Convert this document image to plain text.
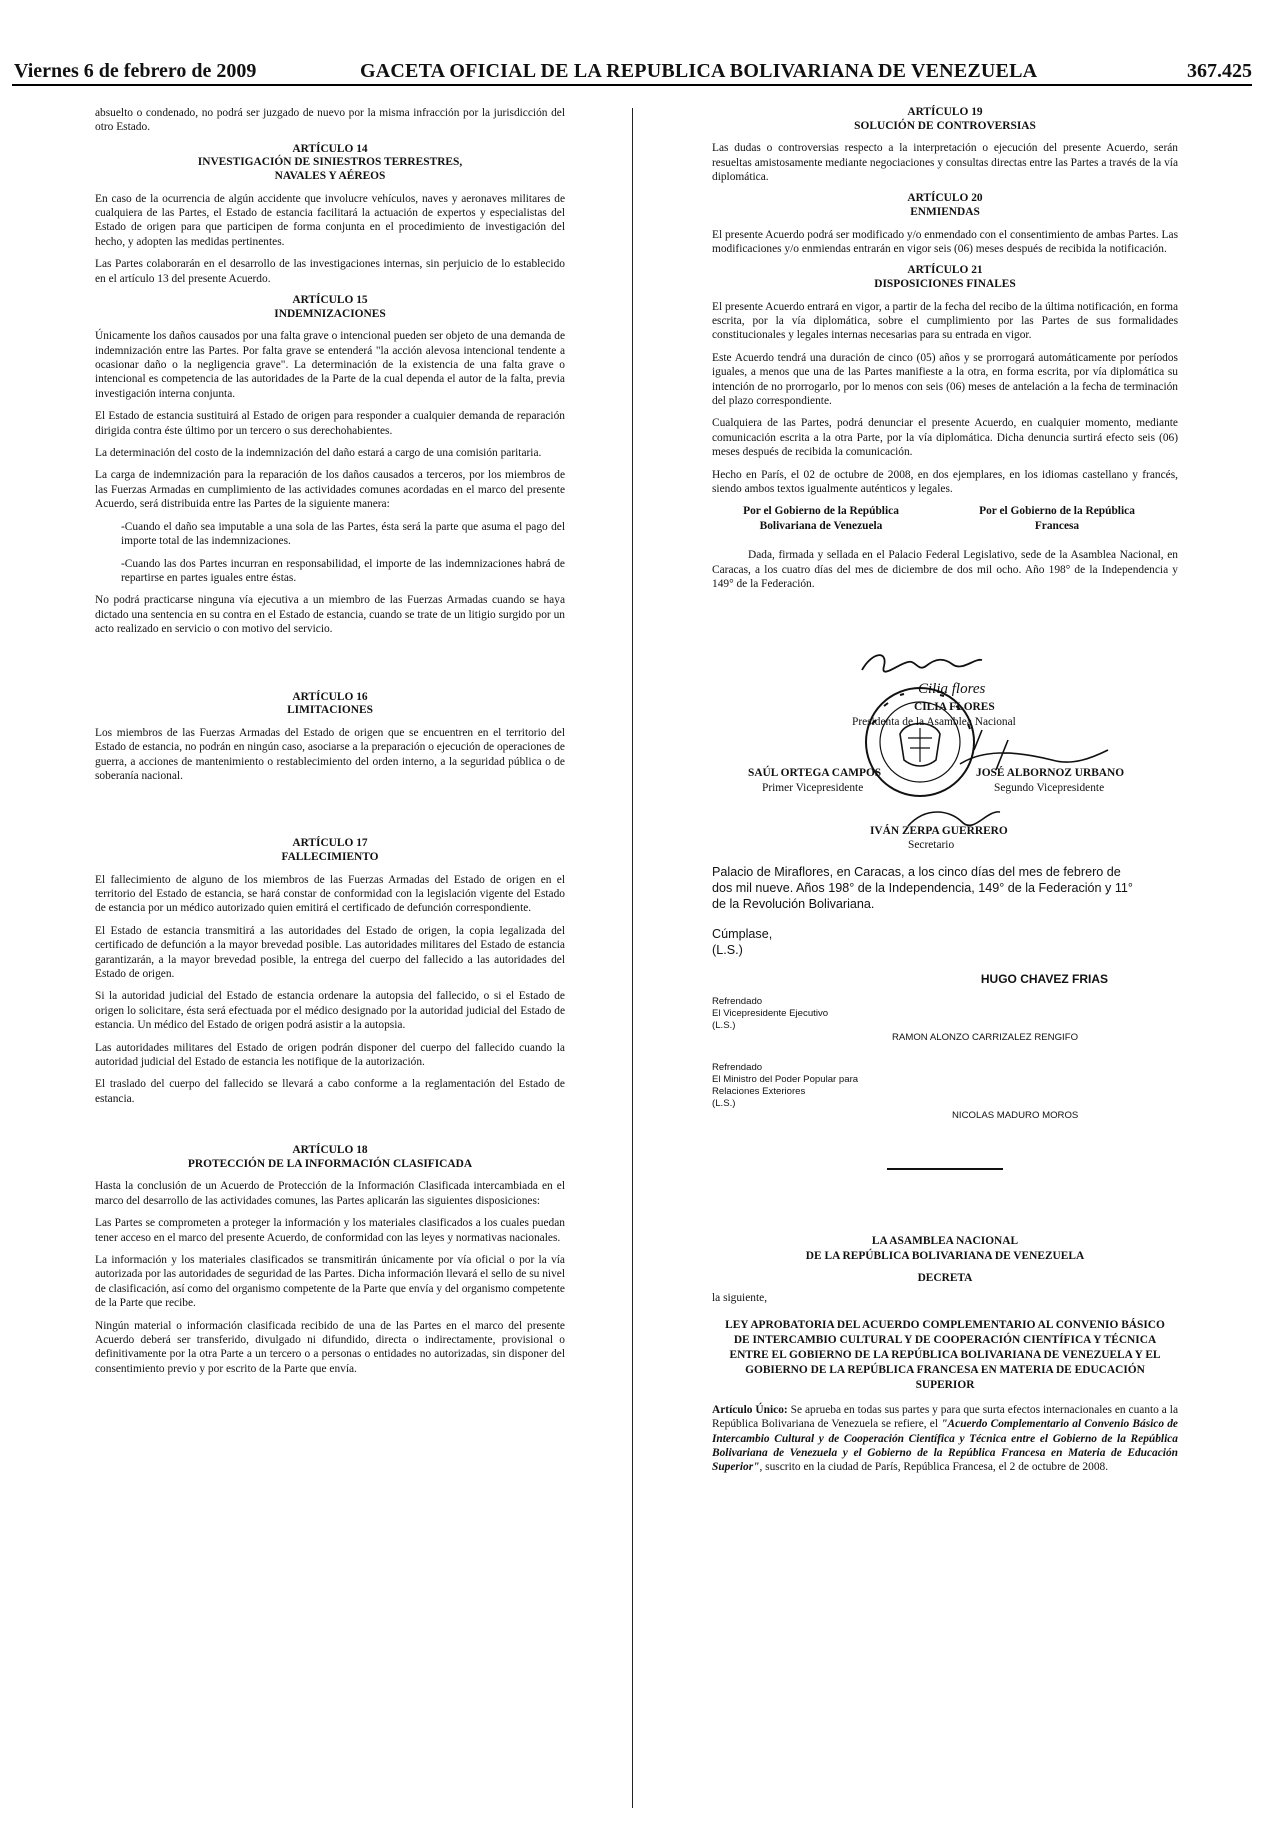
Viernes 6 de febrero de 2009	GACETA OFICIAL DE LA REPUBLICA BOLIVARIANA DE VENEZUELA	367.425

absuelto o condenado, no podrá ser juzgado de nuevo por la misma infracción por la jurisdicción del otro Estado.

ARTÍCULO 14
INVESTIGACIÓN DE SINIESTROS TERRESTRES,
NAVALES Y AÉREOS

En caso de la ocurrencia de algún accidente que involucre vehículos, naves y aeronaves militares de cualquiera de las Partes, el Estado de estancia facilitará la actuación de expertos y especialistas del Estado de origen para que participen de forma conjunta en el procedimiento de investigación del hecho, y adopten las medidas pertinentes.

Las Partes colaborarán en el desarrollo de las investigaciones internas, sin perjuicio de lo establecido en el artículo 13 del presente Acuerdo.

ARTÍCULO 15
INDEMNIZACIONES

Únicamente los daños causados por una falta grave o intencional pueden ser objeto de una demanda de indemnización entre las Partes. Por falta grave se entenderá "la acción alevosa intencional tendente a ocasionar daño o la negligencia grave". La determinación de la existencia de una falta grave o intencional es competencia de las autoridades de la Parte de la cual dependa el autor de la falta, previa investigación interna conjunta.

El Estado de estancia sustituirá al Estado de origen para responder a cualquier demanda de reparación dirigida contra éste último por un tercero o sus derechohabientes.

La determinación del costo de la indemnización del daño estará a cargo de una comisión paritaria.

La carga de indemnización para la reparación de los daños causados a terceros, por los miembros de las Fuerzas Armadas en cumplimiento de las actividades comunes acordadas en el marco del presente Acuerdo, será distribuida entre las Partes de la siguiente manera:

-Cuando el daño sea imputable a una sola de las Partes, ésta será la parte que asuma el pago del importe total de las indemnizaciones.

-Cuando las dos Partes incurran en responsabilidad, el importe de las indemnizaciones habrá de repartirse en partes iguales entre éstas.

No podrá practicarse ninguna vía ejecutiva a un miembro de las Fuerzas Armadas cuando se haya dictado una sentencia en su contra en el Estado de estancia, cuando se trate de un litigio surgido por un acto realizado en servicio o con motivo del servicio.

ARTÍCULO 16
LIMITACIONES

Los miembros de las Fuerzas Armadas del Estado de origen que se encuentren en el territorio del Estado de estancia, no podrán en ningún caso, asociarse a la preparación o ejecución de operaciones de guerra, a acciones de mantenimiento o restablecimiento del orden interno, a la seguridad pública o de soberanía nacional.

ARTÍCULO 17
FALLECIMIENTO

El fallecimiento de alguno de los miembros de las Fuerzas Armadas del Estado de origen en el territorio del Estado de estancia, se hará constar de conformidad con la legislación vigente del Estado de estancia por un médico autorizado quien emitirá el certificado de defunción correspondiente.

El Estado de estancia transmitirá a las autoridades del Estado de origen, la copia legalizada del certificado de defunción a la mayor brevedad posible. Las autoridades militares del Estado de estancia garantizarán, a la mayor brevedad posible, la entrega del cuerpo del fallecido a las autoridades del Estado de origen.

Si la autoridad judicial del Estado de estancia ordenare la autopsia del fallecido, o si el Estado de origen lo solicitare, ésta será efectuada por el médico designado por la autoridad judicial del Estado de estancia. Un médico del Estado de origen podrá asistir a la autopsia.

Las autoridades militares del Estado de origen podrán disponer del cuerpo del fallecido cuando la autoridad judicial del Estado de estancia les notifique de la autorización.

El traslado del cuerpo del fallecido se llevará a cabo conforme a la reglamentación del Estado de estancia.

ARTÍCULO 18
PROTECCIÓN DE LA INFORMACIÓN CLASIFICADA

Hasta la conclusión de un Acuerdo de Protección de la Información Clasificada intercambiada en el marco del desarrollo de las actividades comunes, las Partes aplicarán las siguientes disposiciones:

Las Partes se comprometen a proteger la información y los materiales clasificados a los cuales puedan tener acceso en el marco del presente Acuerdo, de conformidad con las leyes y normativas nacionales.

La información y los materiales clasificados se transmitirán únicamente por vía oficial o por la vía autorizada por las autoridades de seguridad de las Partes. Dicha información llevará el sello de su nivel de clasificación, así como del organismo competente de la Parte que envía y del organismo competente de la Parte que recibe.

Ningún material o información clasificada recibido de una de las Partes en el marco del presente Acuerdo deberá ser transferido, divulgado ni difundido, directa o indirectamente, provisional o definitivamente por la otra Parte a un tercero o a personas o entidades no autorizadas, sin disponer del consentimiento previo y por escrito de la Parte que envía.

ARTÍCULO 19
SOLUCIÓN DE CONTROVERSIAS

Las dudas o controversias respecto a la interpretación o ejecución del presente Acuerdo, serán resueltas amistosamente mediante negociaciones y consultas directas entre las Partes a través de la vía diplomática.

ARTÍCULO 20
ENMIENDAS

El presente Acuerdo podrá ser modificado y/o enmendado con el consentimiento de ambas Partes. Las modificaciones y/o enmiendas entrarán en vigor seis (06) meses después de recibida la notificación.

ARTÍCULO 21
DISPOSICIONES FINALES

El presente Acuerdo entrará en vigor, a partir de la fecha del recibo de la última notificación, en forma escrita, por la vía diplomática, sobre el cumplimiento por las Partes de sus formalidades constitucionales y legales internas necesarias para su entrada en vigor.

Este Acuerdo tendrá una duración de cinco (05) años y se prorrogará automáticamente por períodos iguales, a menos que una de las Partes manifieste a la otra, en forma escrita, por vía diplomática su intención de no prorrogarlo, por lo menos con seis (06) meses de antelación a la fecha de terminación del plazo correspondiente.

Cualquiera de las Partes, podrá denunciar el presente Acuerdo, en cualquier momento, mediante comunicación escrita a la otra Parte, por la vía diplomática. Dicha denuncia surtirá efecto seis (06) meses después de recibida la comunicación.

Hecho en París, el 02 de octubre de 2008, en dos ejemplares, en los idiomas castellano y francés, siendo ambos textos igualmente auténticos y legales.

Por el Gobierno de la República
Bolivariana de Venezuela
Por el Gobierno de la República
Francesa

Dada, firmada y sellada en el Palacio Federal Legislativo, sede de la Asamblea Nacional, en Caracas, a los cuatro días del mes de diciembre de dos mil ocho. Año 198° de la Independencia y 149° de la Federación.

Cilia flores
CILIA FLORES
Presidenta de la Asamblea Nacional
SAÚL ORTEGA CAMPOS
Primer Vicepresidente
JOSÉ ALBORNOZ URBANO
Segundo Vicepresidente
IVÁN ZERPA GUERRERO
Secretario

Palacio de Miraflores, en Caracas, a los cinco días del mes de febrero de dos mil nueve. Años 198° de la Independencia, 149° de la Federación y 11° de la Revolución Bolivariana.

Cúmplase,
(L.S.)
HUGO CHAVEZ FRIAS
Refrendado
El Vicepresidente Ejecutivo
(L.S.)
RAMON ALONZO CARRIZALEZ RENGIFO
Refrendado
El Ministro del Poder Popular para
Relaciones Exteriores
(L.S.)
NICOLAS MADURO MOROS
LA ASAMBLEA NACIONAL
DE LA REPÚBLICA BOLIVARIANA DE VENEZUELA
DECRETA
la siguiente,
LEY APROBATORIA DEL ACUERDO COMPLEMENTARIO AL CONVENIO BÁSICO DE INTERCAMBIO CULTURAL Y DE COOPERACIÓN CIENTÍFICA Y TÉCNICA ENTRE EL GOBIERNO DE LA REPÚBLICA BOLIVARIANA DE VENEZUELA Y EL GOBIERNO DE LA REPÚBLICA FRANCESA EN MATERIA DE EDUCACIÓN SUPERIOR

Artículo Único: Se aprueba en todas sus partes y para que surta efectos internacionales en cuanto a la República Bolivariana de Venezuela se refiere, el "Acuerdo Complementario al Convenio Básico de Intercambio Cultural y de Cooperación Científica y Técnica entre el Gobierno de la República Bolivariana de Venezuela y el Gobierno de la República Francesa en Materia de Educación Superior", suscrito en la ciudad de París, República Francesa, el 2 de octubre de 2008.
